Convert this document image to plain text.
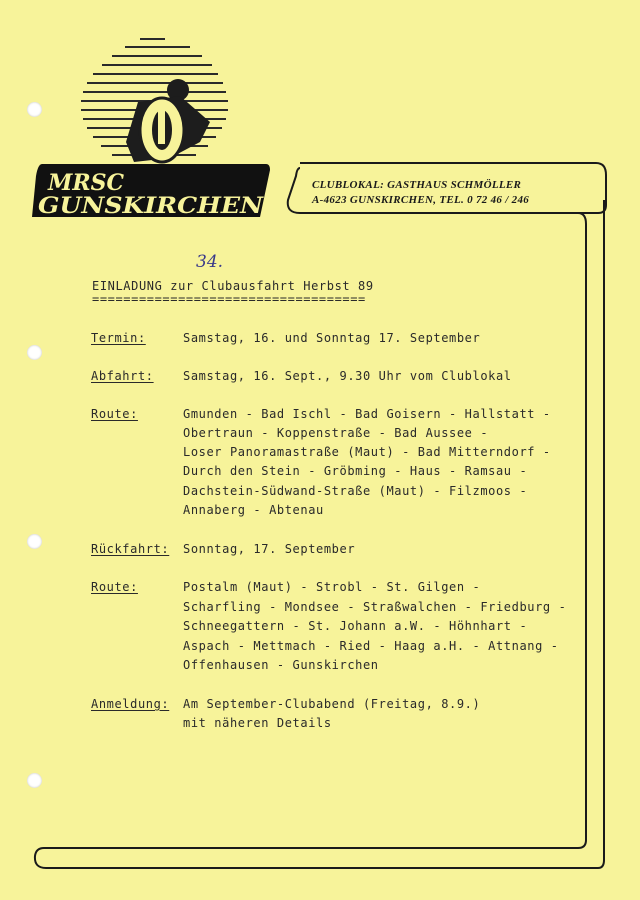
MRSC
GUNSKIRCHEN
CLUBLOKAL: GASTHAUS SCHMÖLLER
A-4623 GUNSKIRCHEN, TEL. 0 72 46 / 246
34.
EINLADUNG zur Clubausfahrt Herbst 89
===================================
Termin:	Samstag, 16. und Sonntag 17. September
Abfahrt: Samstag, 16. Sept., 9.30 Uhr vom Clublokal
Route:	Gmunden - Bad Ischl - Bad Goisern - Hallstatt -
Obertraun - Koppenstraße - Bad Aussee -
Loser Panoramastraße (Maut) - Bad Mitterndorf -
Durch den Stein - Gröbming - Haus - Ramsau -
Dachstein-Südwand-Straße (Maut) - Filzmoos -
Annaberg - Abtenau
Rückfahrt: Sonntag, 17. September
Route:	Postalm (Maut) - Strobl - St. Gilgen -
Scharfling - Mondsee - Straßwalchen - Friedburg -
Schneegattern - St. Johann a.W. - Höhnhart -
Aspach - Mettmach - Ried - Haag a.H. - Attnang -
Offenhausen - Gunskirchen
Anmeldung: Am September-Clubabend (Freitag, 8.9.)
mit näheren Details
